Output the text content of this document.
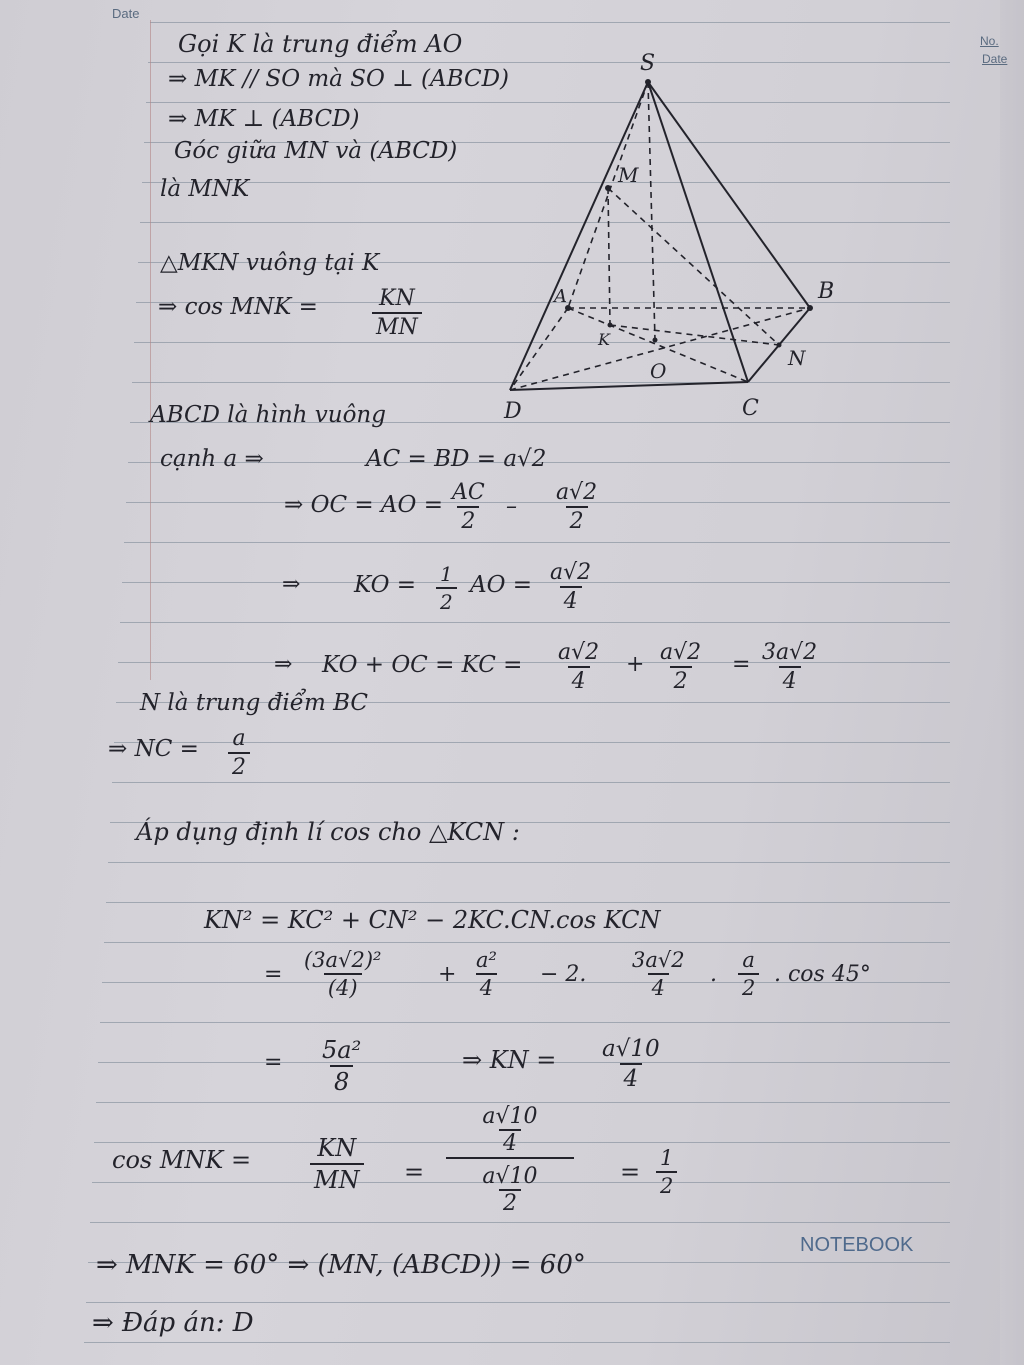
Date
No.
Date
S
M
A	B
K
O
N
C
D
Gọi K là trung điểm AO
⇒ MK // SO mà SO ⊥ (ABCD)
⇒ MK ⊥ (ABCD)
Góc giữa MN và (ABCD)
là MNK
△MKN vuông tại K
⇒ cos MNK = $\frac{KN}{MN}$
ABCD là hình vuông
cạnh a ⇒	AC = BD = a√2
⇒ OC = AO = $\frac{AC}{2} - \frac{a√2}{2}$
⇒ KO = $\frac{1}{2}$ AO = $\frac{a√2}{4}$
⇒ KO + OC = KC = $\frac{a√2}{4} + \frac{a√2}{2} = \frac{3a√2}{4}$
N là trung điểm BC
⇒ NC = $\frac{a}{2}$
Áp dụng định lí cos cho △KCN :
KN² = KC² + CN² − 2KC.CN.cos KCN
= $\frac{\text{(3a√2)²}}{(4)} + \frac{\text{a²}}{4} - 2$. $\frac{3a√2}{4}$ . $\frac{a}{2}$ . cos 45°
= $\frac{\text{5a²}}{8}$	⇒ KN = $\frac{a√10}{4}$
cos MNK = $\frac{KN}{MN} = a√10$
4
a√10
$2 = \frac{1}{2}$
⇒ MNK = 60° ⇒ (MN, (ABCD)) = 60°
NOTEBOOK
⇒ Đáp án: D
